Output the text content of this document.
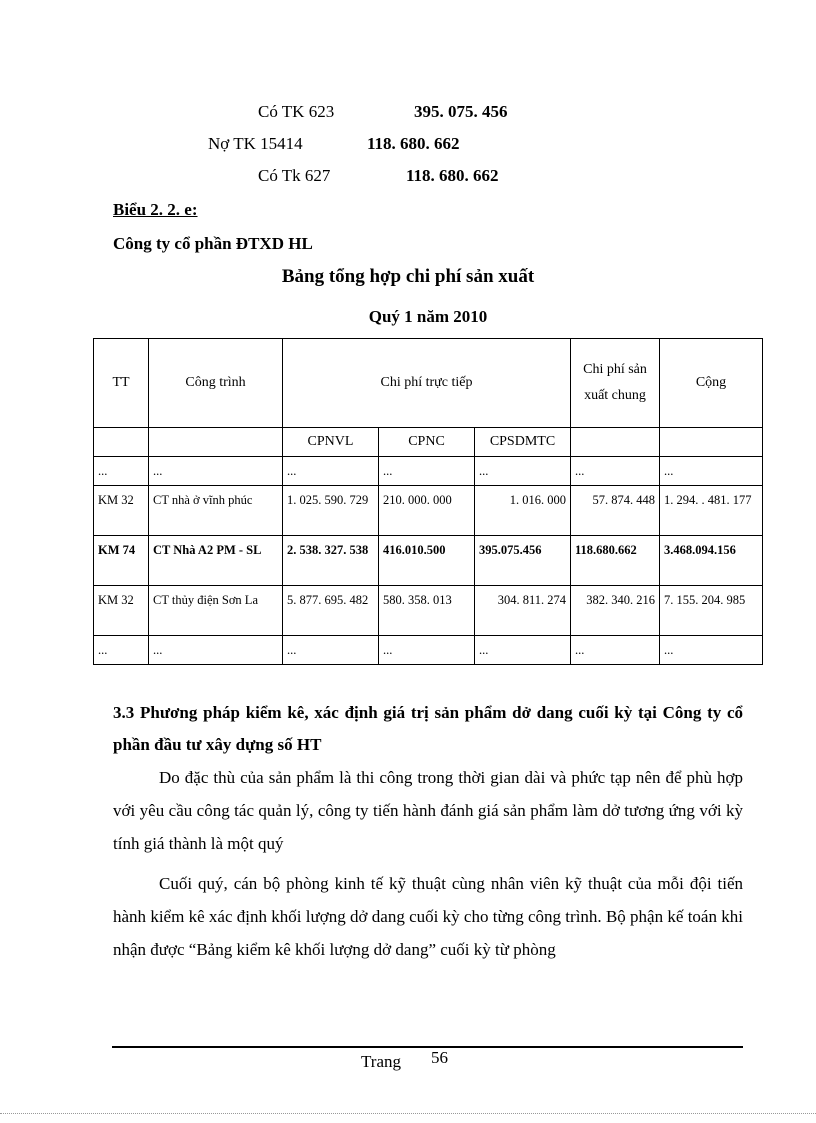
Có TK 623	395. 075. 456
Nợ TK 15414	118. 680. 662
Có Tk 627	118. 680. 662
Biểu 2. 2. e:
Công ty cổ phần ĐTXD HL
Bảng tổng hợp chi phí sản xuất
Quý 1 năm 2010
TT	Công trình	Chi phí trực tiếp			Chi phí sản xuất chung	Cộng
		CPNVL	CPNC	CPSDMTC		
...	...	...	...	...	...	...
KM 32	CT nhà ở vĩnh phúc	1. 025. 590. 729	210. 000. 000	1. 016. 000	57. 874. 448	1. 294. . 481. 177
KM 74	CT Nhà A2 PM - SL	2. 538. 327. 538	416.010.500	395.075.456	118.680.662	3.468.094.156
KM 32	CT thủy điện Sơn La	5. 877. 695. 482	580. 358. 013	304. 811. 274	382. 340. 216	7. 155. 204. 985
...	...	...	...	...	...	...
3.3 Phương pháp kiểm kê, xác định giá trị sản phẩm dở dang cuối kỳ tại Công ty cổ phần đầu tư xây dựng số HT
Do đặc thù của sản phẩm là thi công trong thời gian dài và phức tạp nên để phù hợp với yêu cầu công tác quản lý, công ty tiến hành đánh giá sản phẩm làm dở tương ứng với kỳ tính giá thành là một quý
Cuối quý, cán bộ phòng kinh tế kỹ thuật cùng nhân viên kỹ thuật của mỗi đội tiến hành kiểm kê xác định khối lượng dở dang cuối kỳ cho từng công trình. Bộ phận kế toán khi nhận được “Bảng kiểm kê khối lượng dở dang” cuối kỳ từ phòng
Trang 56
